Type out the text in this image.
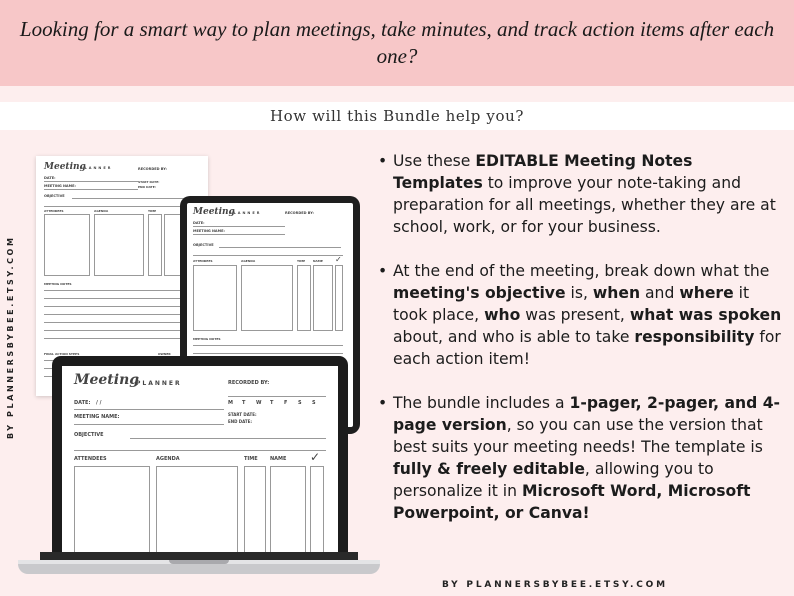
Looking for a smart way to plan meetings, take minutes, and track action items after each one?
How will this Bundle help you?
BY PLANNERSBYBEE.ETSY.COM
Meeting
PLANNER	RECORDED BY:
DATE:
MEETING NAME:
START DATE:
END DATE:
OBJECTIVE
ATTENDEES	AGENDA	TIME
MEETING NOTES
FINAL ACTION STEPS	OWNER
Meeting
PLANNER	RECORDED BY:
DATE:
MEETING NAME:
OBJECTIVE
ATTENDEES	AGENDA	TIME	NAME ✓
MEETING NOTES
Meeting
PLANNER	RECORDED BY:
DATE: / /	M T W T F S S
MEETING NAME:	START DATE:
END DATE:
OBJECTIVE
ATTENDEES	AGENDA	TIME NAME ✓
• Use these EDITABLE Meeting Notes Templates to improve your note-taking and preparation for all meetings, whether they are at school, work, or for your business.
• At the end of the meeting, break down what the meeting's objective is, when and where it took place, who was present, what was spoken about, and who is able to take responsibility for each action item!
• The bundle includes a 1-pager, 2-pager, and 4-page version, so you can use the version that best suits your meeting needs! The template is fully & freely editable, allowing you to personalize it in Microsoft Word, Microsoft Powerpoint, or Canva!
BY PLANNERSBYBEE.ETSY.COM
